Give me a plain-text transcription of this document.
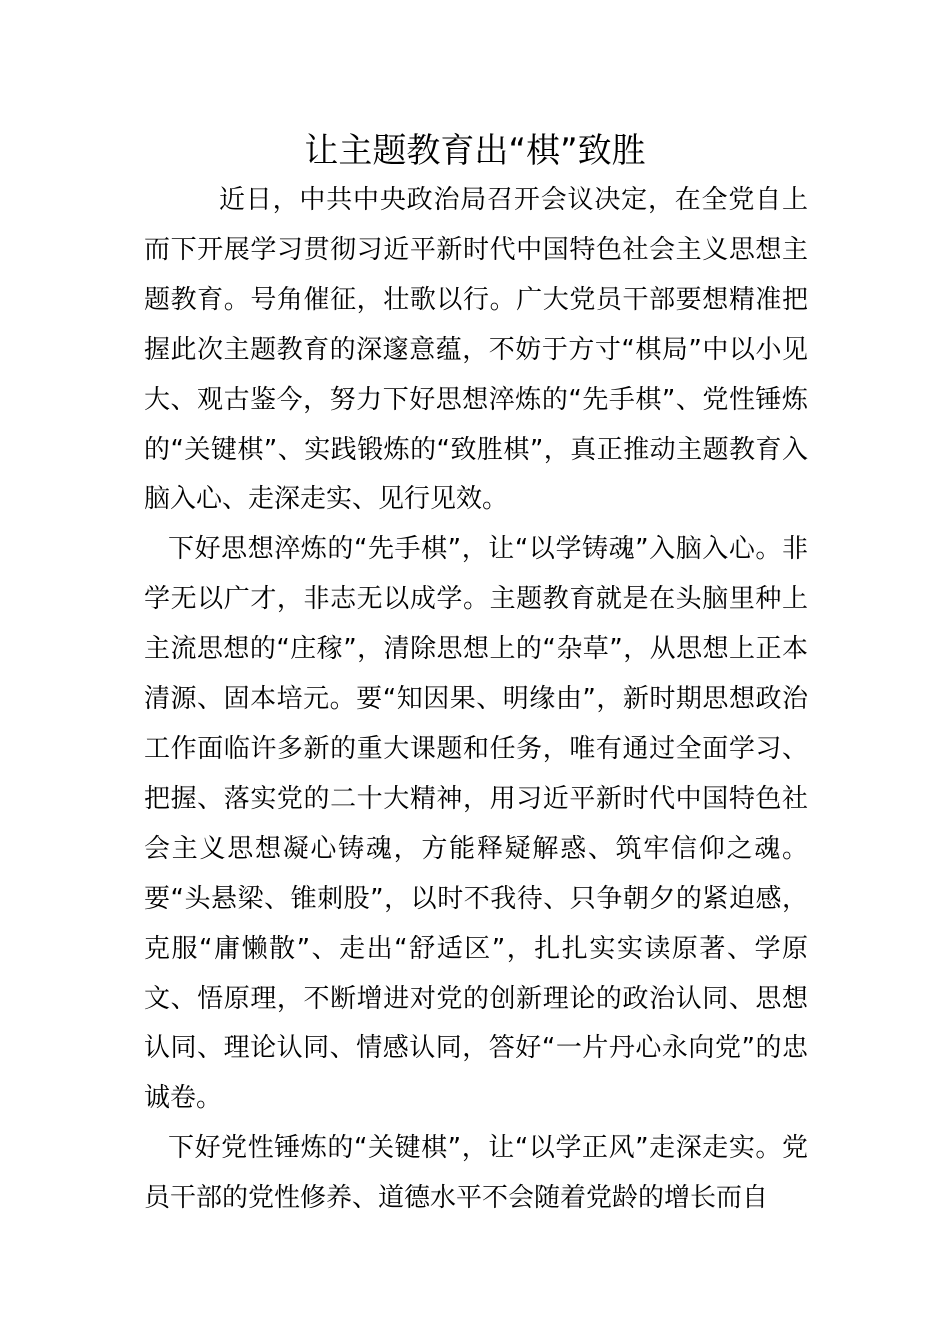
让主题教育出“棋”致胜

近日，中共中央政治局召开会议决定，在全党自上而下开展学习贯彻习近平新时代中国特色社会主义思想主题教育。号角催征，壮歌以行。广大党员干部要想精准把握此次主题教育的深邃意蕴，不妨于方寸“棋局”中以小见大、观古鉴今，努力下好思想淬炼的“先手棋”、党性锤炼的“关键棋”、实践锻炼的“致胜棋”，真正推动主题教育入脑入心、走深走实、见行见效。

下好思想淬炼的“先手棋”，让“以学铸魂”入脑入心。非学无以广才，非志无以成学。主题教育就是在头脑里种上主流思想的“庄稼”，清除思想上的“杂草”，从思想上正本清源、固本培元。要“知因果、明缘由”，新时期思想政治工作面临许多新的重大课题和任务，唯有通过全面学习、把握、落实党的二十大精神，用习近平新时代中国特色社会主义思想凝心铸魂，方能释疑解惑、筑牢信仰之魂。要“头悬梁、锥刺股”，以时不我待、只争朝夕的紧迫感，克服“庸懒散”、走出“舒适区”，扎扎实实读原著、学原文、悟原理，不断增进对党的创新理论的政治认同、思想认同、理论认同、情感认同，答好“一片丹心永向党”的忠诚卷。

下好党性锤炼的“关键棋”，让“以学正风”走深走实。党员干部的党性修养、道德水平不会随着党龄的增长而自
